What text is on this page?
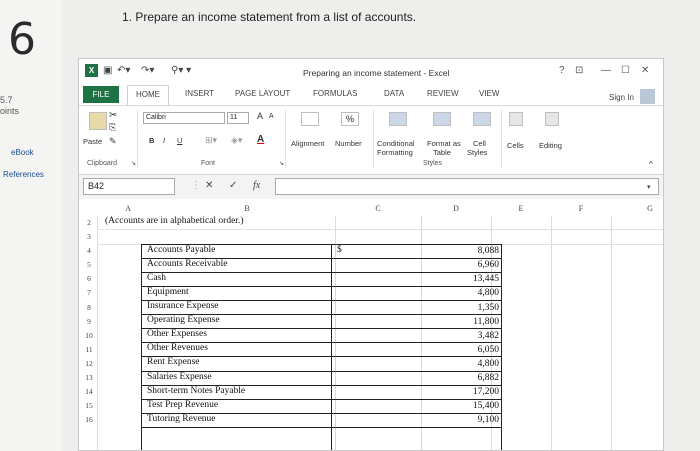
6
5.7
oints
eBook
References
1. Prepare an income statement from a list of accounts.
X ▣ ↶▾ ↷▾ ⚲▾ ▾	Preparing an income statement - Excel	? ⊡ — ☐ ✕
FILE	HOME	INSERT	PAGE LAYOUT	FORMULAS	DATA	REVIEW	VIEW	Sign In
✂
⎘
✎
Paste
Clipboard ↘
Calibri	11	A A
B I U	⊞▾ ◈▾ A
Font	↘
Alignment
%
Number Conditional
Formatting
Format as
Table
Cell
Styles
Styles
Cells Editing
^
B42	⋮ ✕ ✓ fx	▾
A	B	C	D	E	F	G
2	(Accounts are in alphabetical order.)
3
4	Accounts Payable	8,088
5	Accounts Receivable	6,960
6	Cash	13,445
7	Equipment	4,800
8	Insurance Expense	1,350
9	Operating Expense	11,800
10	Other Expenses	3,482
11	Other Revenues	6,050
12	Rent Expense	4,800
13	Salaries Expense	6,882
14	Short-term Notes Payable	17,200
15	Test Prep Revenue	15,400
16	Tutoring Revenue	9,100
$
